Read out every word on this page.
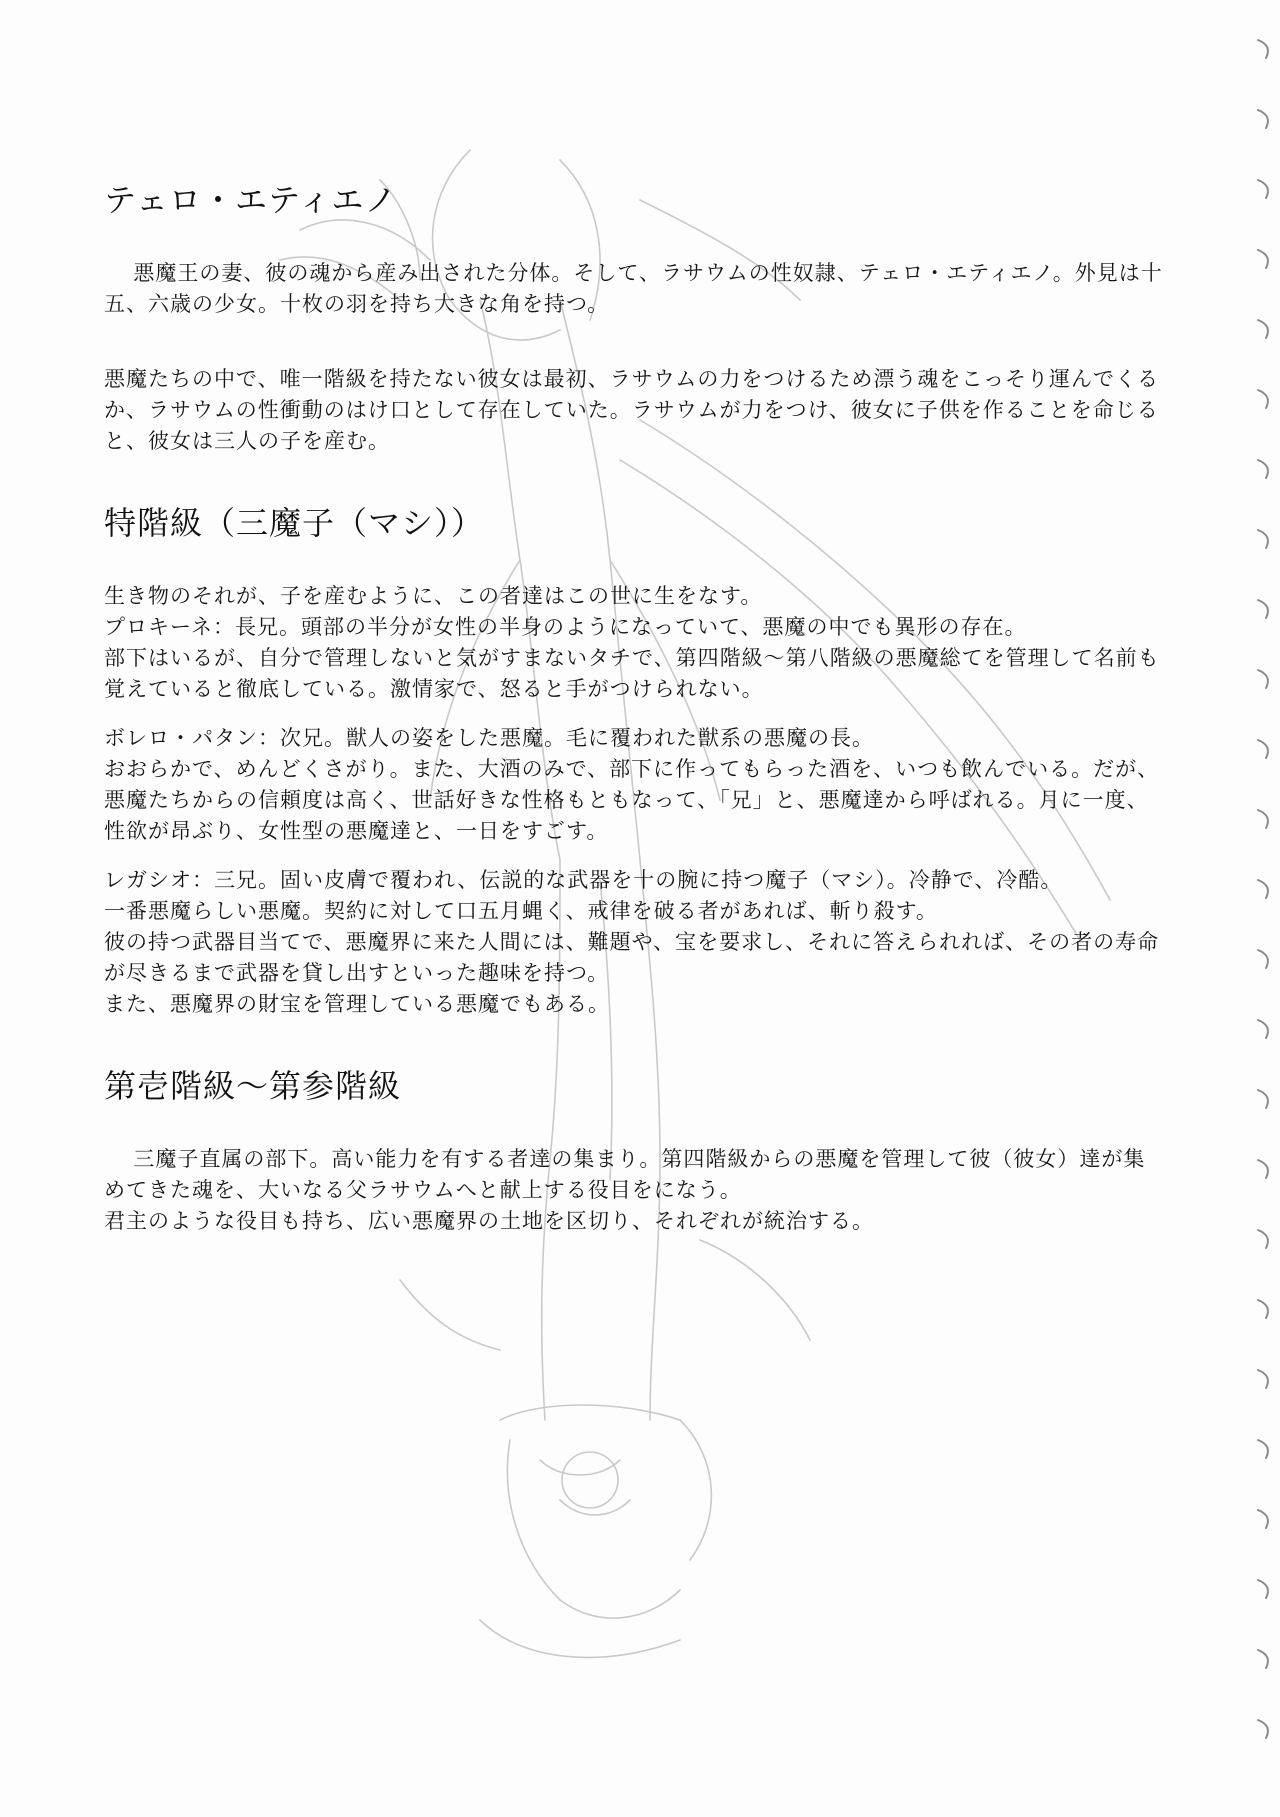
テェロ・エティエノ

悪魔王の妻、彼の魂から産み出された分体。そして、ラサウムの性奴隷、テェロ・エティエノ。外見は十五、六歳の少女。十枚の羽を持ち大きな角を持つ。

悪魔たちの中で、唯一階級を持たない彼女は最初、ラサウムの力をつけるため漂う魂をこっそり運んでくるか、ラサウムの性衝動のはけ口として存在していた。ラサウムが力をつけ、彼女に子供を作ることを命じると、彼女は三人の子を産む。

特階級（三魔子（マシ））

生き物のそれが、子を産むように、この者達はこの世に生をなす。

プロキーネ：長兄。頭部の半分が女性の半身のようになっていて、悪魔の中でも異形の存在。

部下はいるが、自分で管理しないと気がすまないタチで、第四階級～第八階級の悪魔総てを管理して名前も覚えていると徹底している。激情家で、怒ると手がつけられない。

ボレロ・パタン：次兄。獣人の姿をした悪魔。毛に覆われた獣系の悪魔の長。

おおらかで、めんどくさがり。また、大酒のみで、部下に作ってもらった酒を、いつも飲んでいる。だが、悪魔たちからの信頼度は高く、世話好きな性格もともなって、「兄」と、悪魔達から呼ばれる。月に一度、性欲が昂ぶり、女性型の悪魔達と、一日をすごす。

レガシオ：三兄。固い皮膚で覆われ、伝説的な武器を十の腕に持つ魔子（マシ）。冷静で、冷酷。

一番悪魔らしい悪魔。契約に対して口五月蝿く、戒律を破る者があれば、斬り殺す。

彼の持つ武器目当てで、悪魔界に来た人間には、難題や、宝を要求し、それに答えられれば、その者の寿命が尽きるまで武器を貸し出すといった趣味を持つ。

また、悪魔界の財宝を管理している悪魔でもある。

第壱階級～第参階級

三魔子直属の部下。高い能力を有する者達の集まり。第四階級からの悪魔を管理して彼（彼女）達が集めてきた魂を、大いなる父ラサウムへと献上する役目をになう。

君主のような役目も持ち、広い悪魔界の土地を区切り、それぞれが統治する。
